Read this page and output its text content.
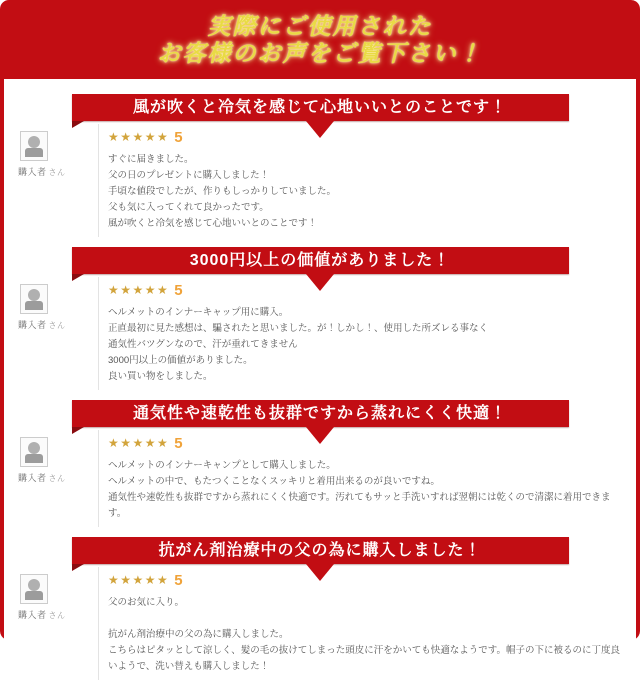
実際にご使用された
お客様のお声をご覧下さい！
風が吹くと冷気を感じて心地いいとのことです！
購入者 さん
★★★★★ 5
すぐに届きました。
父の日のプレゼントに購入しました！
手頃な値段でしたが、作りもしっかりしていました。
父も気に入ってくれて良かったです。
風が吹くと冷気を感じて心地いいとのことです！
3000円以上の価値がありました！
購入者 さん
★★★★★ 5
ヘルメットのインナーキャップ用に購入。
正直最初に見た感想は、騙されたと思いました。が！しかし！、使用した所ズレる事なく
通気性バツグンなので、汗が垂れてきません
3000円以上の価値がありました。
良い買い物をしました。
通気性や速乾性も抜群ですから蒸れにくく快適！
購入者 さん
★★★★★ 5
ヘルメットのインナーキャンプとして購入しました。
ヘルメットの中で、もたつくことなくスッキリと着用出来るのが良いですね。
通気性や速乾性も抜群ですから蒸れにくく快適です。汚れてもサッと手洗いすれば翌朝には乾くので清潔に着用できます。
抗がん剤治療中の父の為に購入しました！
購入者 さん
★★★★★ 5
父のお気に入り。
抗がん剤治療中の父の為に購入しました。
こちらはピタッとして涼しく、髪の毛の抜けてしまった頭皮に汗をかいても快適なようです。帽子の下に被るのに丁度良いようで、洗い替えも購入しました！
